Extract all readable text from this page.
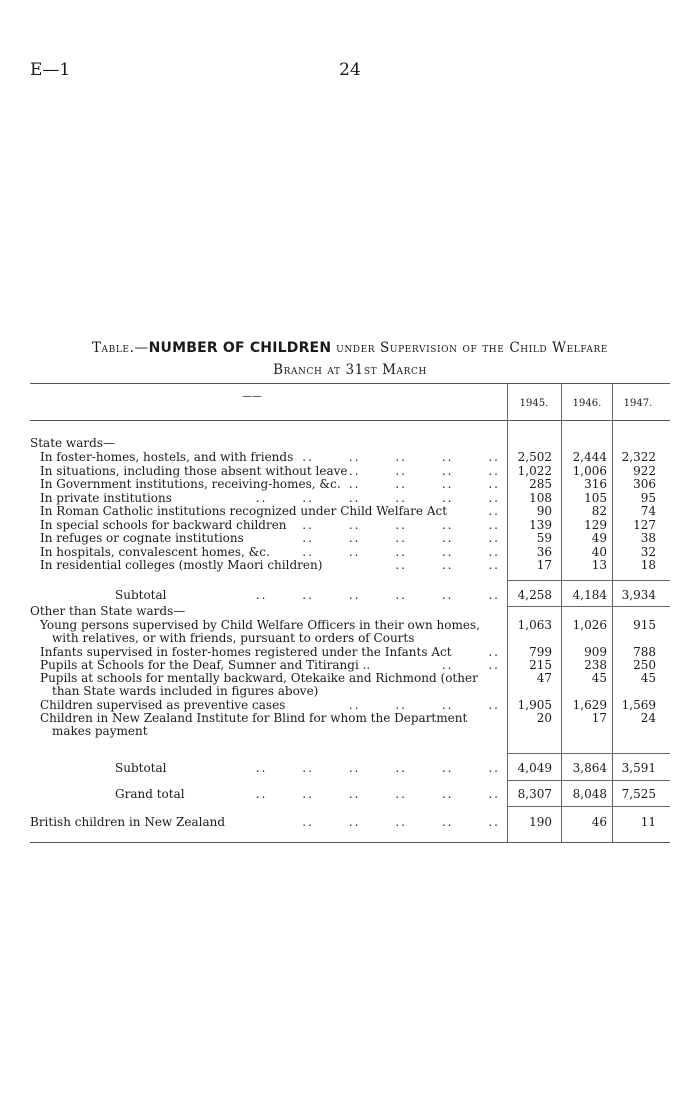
E—1	24
Table.—NUMBER OF CHILDREN under Supervision of the Child Welfare
Branch at 31st March
——
1945.	1946.	1947.
State wards—
In foster-homes, hostels, and with friends ..      ..      ..      ..      ..	2,502	2,444	2,322
In situations, including those absent without leave ..      ..      ..      ..	1,022	1,006	922
In Government institutions, receiving-homes, &c. ..      ..      ..      ..	285	316	306
In private institutions	..      ..      ..      ..      ..      ..	108	105	95
In Roman Catholic institutions recognized under Child Welfare Act	..	90	82	74
In special schools for backward children	..      ..      ..      ..      ..	139	129	127
In refuges or cognate institutions	..      ..      ..      ..      ..	59	49	38
In hospitals, convalescent homes, &c.	..      ..      ..      ..      ..	36	40	32
In residential colleges (mostly Maori children)	..      ..      ..	17	13	18
Subtotal	..      ..      ..      ..      ..      ..	4,258	4,184	3,934
Other than State wards—
Young persons supervised by Child Welfare Officers in their own homes,	1,063	1,026	915
with relatives, or with friends, pursuant to orders of Courts
Infants supervised in foster-homes registered under the Infants Act	..	799	909	788
Pupils at Schools for the Deaf, Sumner and Titirangi ..	..      ..	215	238	250
Pupils at schools for mentally backward, Otekaike and Richmond (other	47	45	45
than State wards included in figures above)
Children supervised as preventive cases	..      ..      ..      ..	1,905	1,629	1,569
Children in New Zealand Institute for Blind for whom the Department	20	17	24
makes payment
Subtotal	..      ..      ..      ..      ..      ..	4,049	3,864	3,591
Grand total	..      ..      ..      ..      ..      ..	8,307	8,048	7,525
British children in New Zealand	..      ..      ..      ..      ..	190	46	11
